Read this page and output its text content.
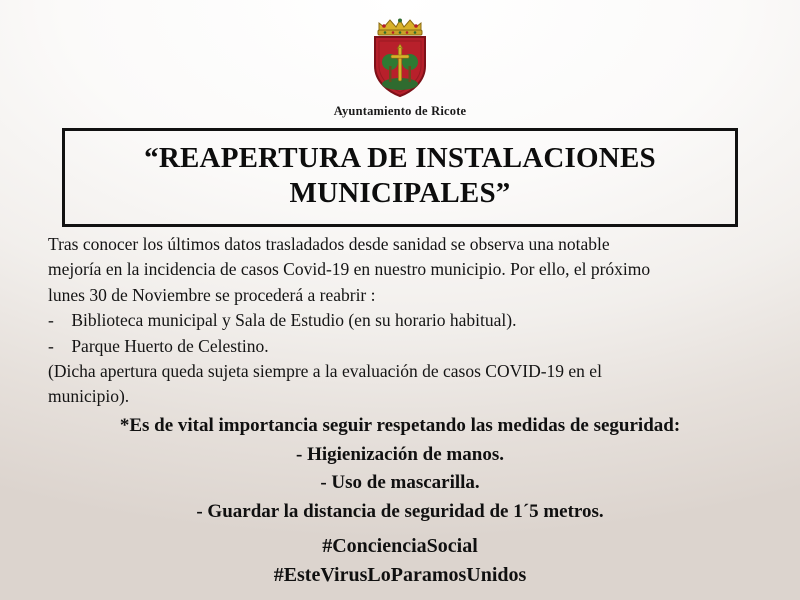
Ayuntamiento de Ricote
“REAPERTURA DE INSTALACIONES
MUNICIPALES”

Tras conocer los últimos datos trasladados desde sanidad se observa una notable

mejoría en la incidencia de casos Covid-19 en nuestro municipio. Por ello, el próximo

lunes 30 de Noviembre se procederá a reabrir :

-    Biblioteca municipal y Sala de Estudio (en su horario habitual).

-    Parque Huerto de Celestino.

(Dicha apertura queda sujeta siempre a la evaluación de casos COVID-19 en el

municipio).

*Es de vital importancia seguir respetando las medidas de seguridad:
- Higienización de manos.
- Uso de mascarilla.
- Guardar la distancia de seguridad de 1´5 metros.
#ConcienciaSocial
#EsteVirusLoParamosUnidos
